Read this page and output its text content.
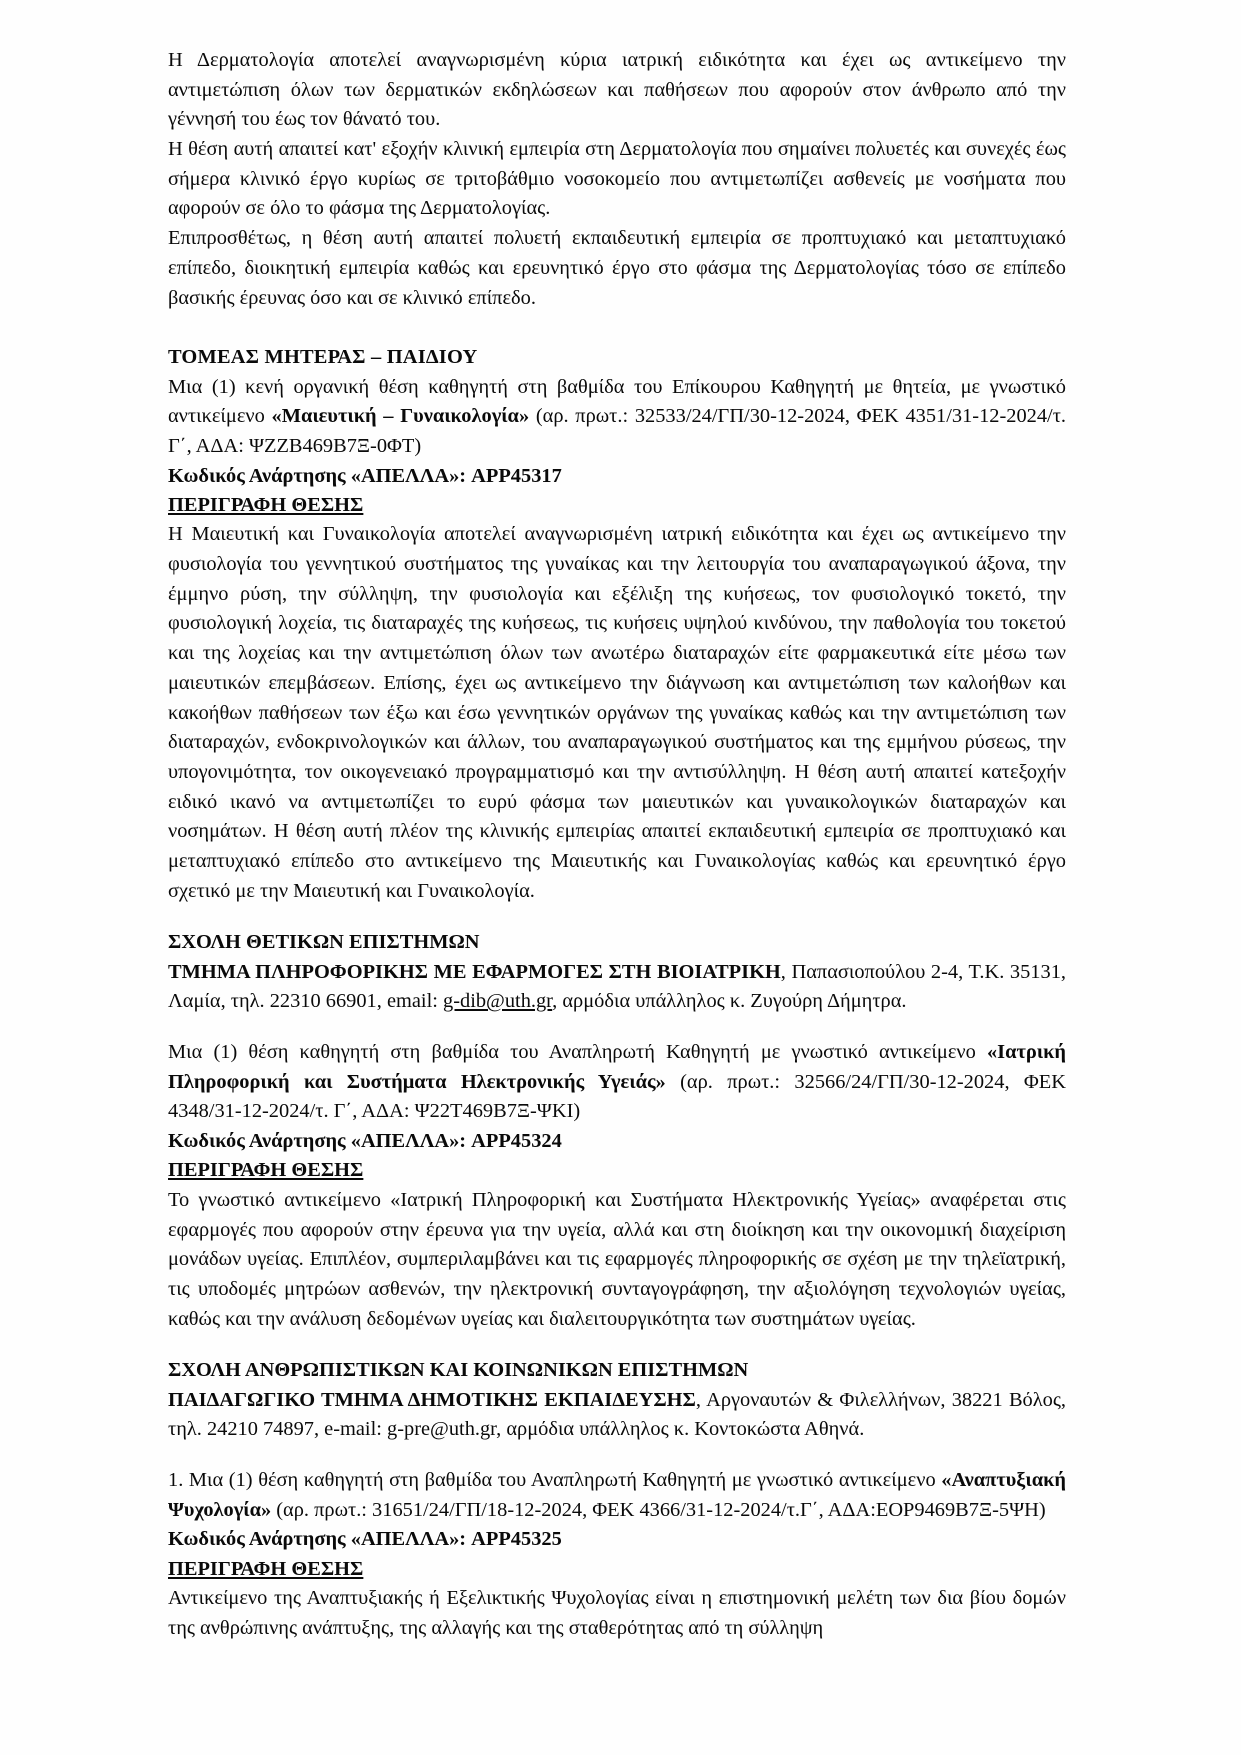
Η Δερματολογία αποτελεί αναγνωρισμένη κύρια ιατρική ειδικότητα και έχει ως αντικείμενο την αντιμετώπιση όλων των δερματικών εκδηλώσεων και παθήσεων που αφορούν στον άνθρωπο από την γέννησή του έως τον θάνατό του.

Η θέση αυτή απαιτεί κατ' εξοχήν κλινική εμπειρία στη Δερματολογία που σημαίνει πολυετές και συνεχές έως σήμερα κλινικό έργο κυρίως σε τριτοβάθμιο νοσοκομείο που αντιμετωπίζει ασθενείς με νοσήματα που αφορούν σε όλο το φάσμα της Δερματολογίας.

Επιπροσθέτως, η θέση αυτή απαιτεί πολυετή εκπαιδευτική εμπειρία σε προπτυχιακό και μεταπτυχιακό επίπεδο, διοικητική εμπειρία καθώς και ερευνητικό έργο στο φάσμα της Δερματολογίας τόσο σε επίπεδο βασικής έρευνας όσο και σε κλινικό επίπεδο.

ΤΟΜΕΑΣ ΜΗΤΕΡΑΣ – ΠΑΙΔΙΟΥ

Μια (1) κενή οργανική θέση καθηγητή στη βαθμίδα του Επίκουρου Καθηγητή με θητεία, με γνωστικό αντικείμενο «Μαιευτική – Γυναικολογία» (αρ. πρωτ.: 32533/24/ΓΠ/30-12-2024, ΦΕΚ 4351/31-12-2024/τ. Γ΄, ΑΔΑ: ΨΖΖΒ469Β7Ξ-0ΦΤ)

Κωδικός Ανάρτησης «ΑΠΕΛΛΑ»: APP45317

ΠΕΡΙΓΡΑΦΗ ΘΕΣΗΣ

Η Μαιευτική και Γυναικολογία αποτελεί αναγνωρισμένη ιατρική ειδικότητα και έχει ως αντικείμενο την φυσιολογία του γεννητικού συστήματος της γυναίκας και την λειτουργία του αναπαραγωγικού άξονα, την έμμηνο ρύση, την σύλληψη, την φυσιολογία και εξέλιξη της κυήσεως, τον φυσιολογικό τοκετό, την φυσιολογική λοχεία, τις διαταραχές της κυήσεως, τις κυήσεις υψηλού κινδύνου, την παθολογία του τοκετού και της λοχείας και την αντιμετώπιση όλων των ανωτέρω διαταραχών είτε φαρμακευτικά είτε μέσω των μαιευτικών επεμβάσεων. Επίσης, έχει ως αντικείμενο την διάγνωση και αντιμετώπιση των καλοήθων και κακοήθων παθήσεων των έξω και έσω γεννητικών οργάνων της γυναίκας καθώς και την αντιμετώπιση των διαταραχών, ενδοκρινολογικών και άλλων, του αναπαραγωγικού συστήματος και της εμμήνου ρύσεως, την υπογονιμότητα, τον οικογενειακό προγραμματισμό και την αντισύλληψη. Η θέση αυτή απαιτεί κατεξοχήν ειδικό ικανό να αντιμετωπίζει το ευρύ φάσμα των μαιευτικών και γυναικολογικών διαταραχών και νοσημάτων. Η θέση αυτή πλέον της κλινικής εμπειρίας απαιτεί εκπαιδευτική εμπειρία σε προπτυχιακό και μεταπτυχιακό επίπεδο στο αντικείμενο της Μαιευτικής και Γυναικολογίας καθώς και ερευνητικό έργο σχετικό με την Μαιευτική και Γυναικολογία.

ΣΧΟΛΗ ΘΕΤΙΚΩΝ ΕΠΙΣΤΗΜΩΝ

ΤΜΗΜΑ ΠΛΗΡΟΦΟΡΙΚΗΣ ΜΕ ΕΦΑΡΜΟΓΕΣ ΣΤΗ ΒΙΟΙΑΤΡΙΚΗ, Παπασιοπούλου 2-4, Τ.Κ. 35131, Λαμία, τηλ. 22310 66901, email: g-dib@uth.gr, αρμόδια υπάλληλος κ. Ζυγούρη Δήμητρα.

Μια (1) θέση καθηγητή στη βαθμίδα του Αναπληρωτή Καθηγητή με γνωστικό αντικείμενο «Ιατρική Πληροφορική και Συστήματα Ηλεκτρονικής Υγειάς» (αρ. πρωτ.: 32566/24/ΓΠ/30-12-2024, ΦΕΚ 4348/31-12-2024/τ. Γ΄, ΑΔΑ: Ψ22Τ469Β7Ξ-ΨΚΙ)

Κωδικός Ανάρτησης «ΑΠΕΛΛΑ»: APP45324

ΠΕΡΙΓΡΑΦΗ ΘΕΣΗΣ

Το γνωστικό αντικείμενο «Ιατρική Πληροφορική και Συστήματα Ηλεκτρονικής Υγείας» αναφέρεται στις εφαρμογές που αφορούν στην έρευνα για την υγεία, αλλά και στη διοίκηση και την οικονομική διαχείριση μονάδων υγείας. Επιπλέον, συμπεριλαμβάνει και τις εφαρμογές πληροφορικής σε σχέση με την τηλεϊατρική, τις υποδομές μητρώων ασθενών, την ηλεκτρονική συνταγογράφηση, την αξιολόγηση τεχνολογιών υγείας, καθώς και την ανάλυση δεδομένων υγείας και διαλειτουργικότητα των συστημάτων υγείας.

ΣΧΟΛΗ ΑΝΘΡΩΠΙΣΤΙΚΩΝ ΚΑΙ ΚΟΙΝΩΝΙΚΩΝ ΕΠΙΣΤΗΜΩΝ

ΠΑΙΔΑΓΩΓΙΚΟ ΤΜΗΜΑ ΔΗΜΟΤΙΚΗΣ ΕΚΠΑΙΔΕΥΣΗΣ, Αργοναυτών & Φιλελλήνων, 38221 Βόλος, τηλ. 24210 74897, e-mail: g-pre@uth.gr, αρμόδια υπάλληλος κ. Κοντοκώστα Αθηνά.

1. Μια (1) θέση καθηγητή στη βαθμίδα του Αναπληρωτή Καθηγητή με γνωστικό αντικείμενο «Αναπτυξιακή Ψυχολογία» (αρ. πρωτ.: 31651/24/ΓΠ/18-12-2024, ΦΕΚ 4366/31-12-2024/τ.Γ΄, ΑΔΑ:ΕΟΡ9469Β7Ξ-5ΨΗ)

Κωδικός Ανάρτησης «ΑΠΕΛΛΑ»: APP45325

ΠΕΡΙΓΡΑΦΗ ΘΕΣΗΣ

Αντικείμενο της Αναπτυξιακής ή Εξελικτικής Ψυχολογίας είναι η επιστημονική μελέτη των δια βίου δομών της ανθρώπινης ανάπτυξης, της αλλαγής και της σταθερότητας από τη σύλληψη
